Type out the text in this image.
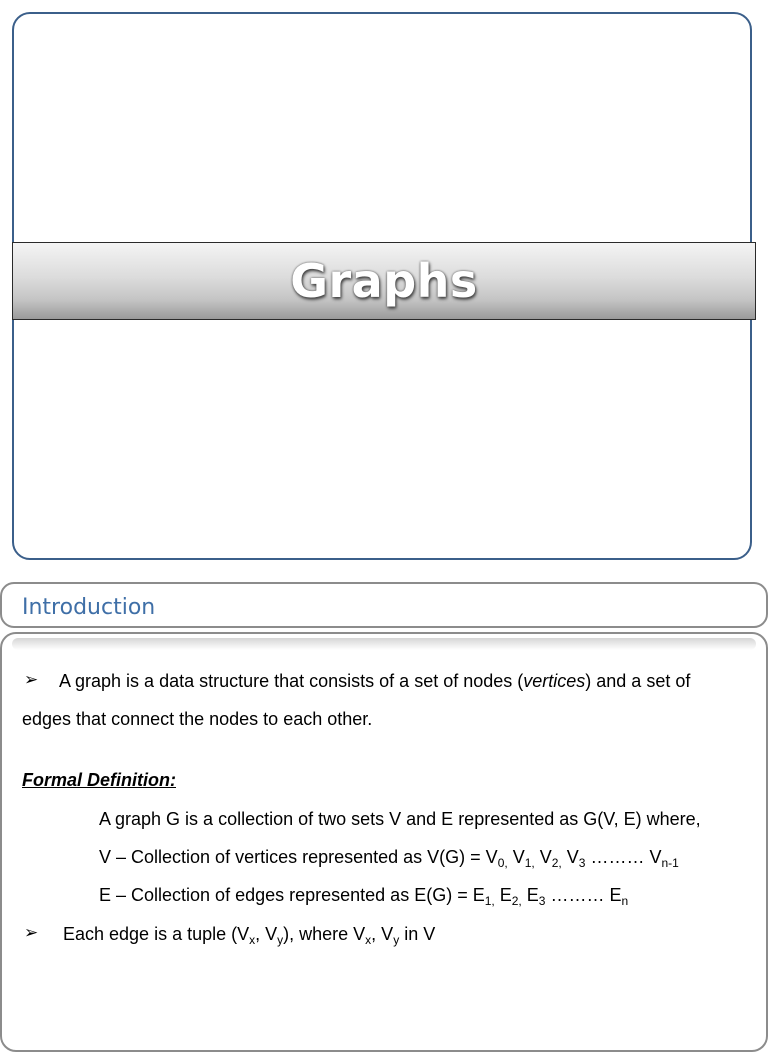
Graphs
Introduction
➢ A graph is a data structure that consists of a set of nodes (vertices) and a set of
edges that connect the nodes to each other.
Formal Definition:
A graph G is a collection of two sets V and E represented as G(V, E) where,
V – Collection of vertices represented as $V(G) = V_{0,}$ $V_{1,}$ $V_{2,}$ $V_3$ ……… $V_{n-1}$
E – Collection of edges represented as $E(G) = E_{1,}$ $E_{2,}$ $E_3$ ……… $E_n$
➢ Each edge is a tuple ($V_x$, $V_y$), where $V_x$, $V_y$ in V
